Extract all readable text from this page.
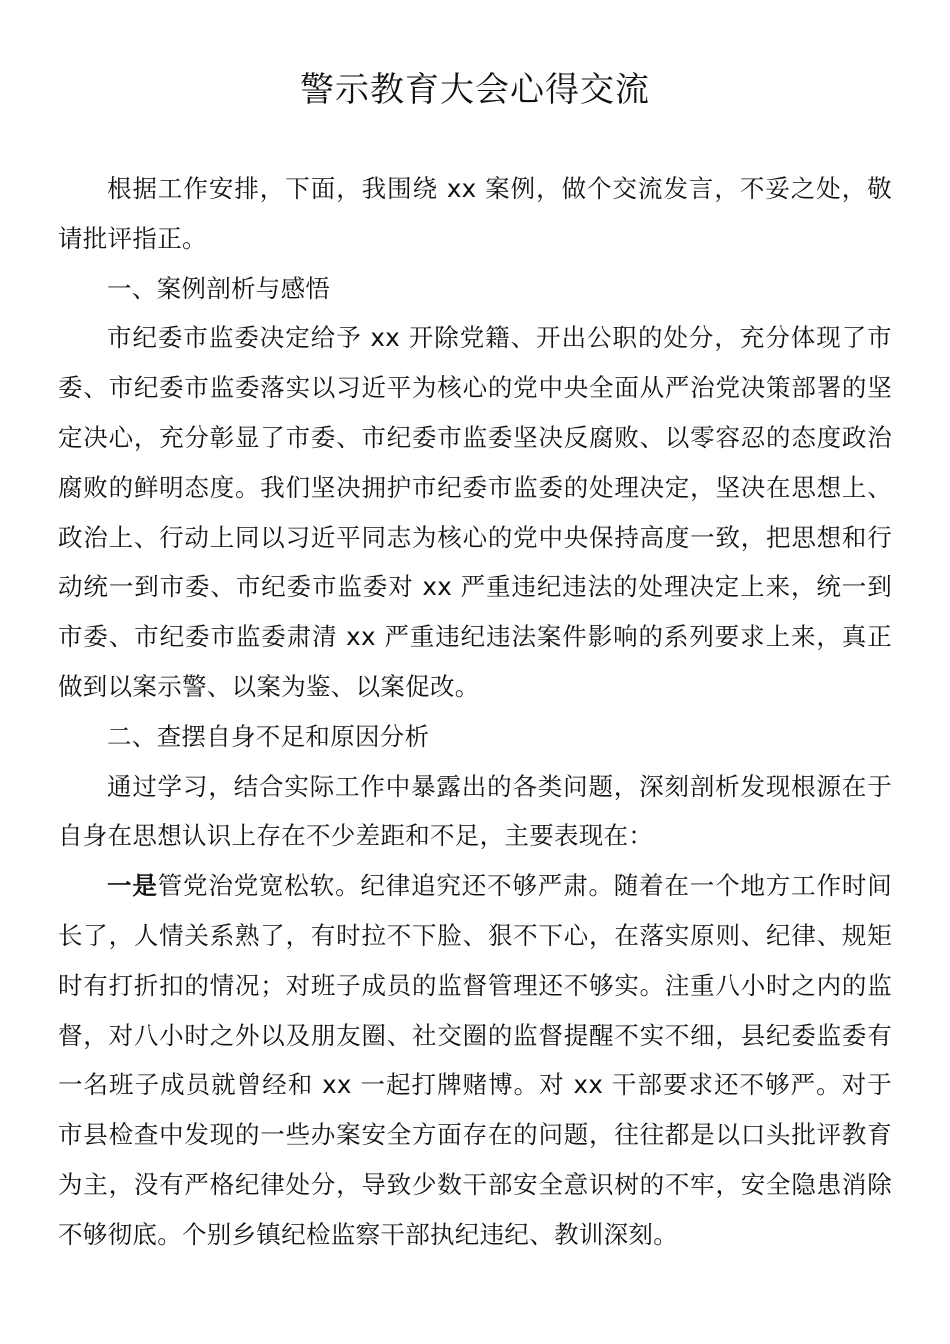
警示教育大会心得交流

根据工作安排，下面，我围绕 xx 案例，做个交流发言，不妥之处，敬请批评指正。

一、案例剖析与感悟

市纪委市监委决定给予 xx 开除党籍、开出公职的处分，充分体现了市委、市纪委市监委落实以习近平为核心的党中央全面从严治党决策部署的坚定决心，充分彰显了市委、市纪委市监委坚决反腐败、以零容忍的态度政治腐败的鲜明态度。我们坚决拥护市纪委市监委的处理决定，坚决在思想上、政治上、行动上同以习近平同志为核心的党中央保持高度一致，把思想和行动统一到市委、市纪委市监委对 xx 严重违纪违法的处理决定上来，统一到市委、市纪委市监委肃清 xx 严重违纪违法案件影响的系列要求上来，真正做到以案示警、以案为鉴、以案促改。

二、查摆自身不足和原因分析

通过学习，结合实际工作中暴露出的各类问题，深刻剖析发现根源在于自身在思想认识上存在不少差距和不足，主要表现在：

一是管党治党宽松软。纪律追究还不够严肃。随着在一个地方工作时间长了，人情关系熟了，有时拉不下脸、狠不下心，在落实原则、纪律、规矩时有打折扣的情况；对班子成员的监督管理还不够实。注重八小时之内的监督，对八小时之外以及朋友圈、社交圈的监督提醒不实不细，县纪委监委有一名班子成员就曾经和 xx 一起打牌赌博。对 xx 干部要求还不够严。对于市县检查中发现的一些办案安全方面存在的问题，往往都是以口头批评教育为主，没有严格纪律处分，导致少数干部安全意识树的不牢，安全隐患消除不够彻底。个别乡镇纪检监察干部执纪违纪、教训深刻。
